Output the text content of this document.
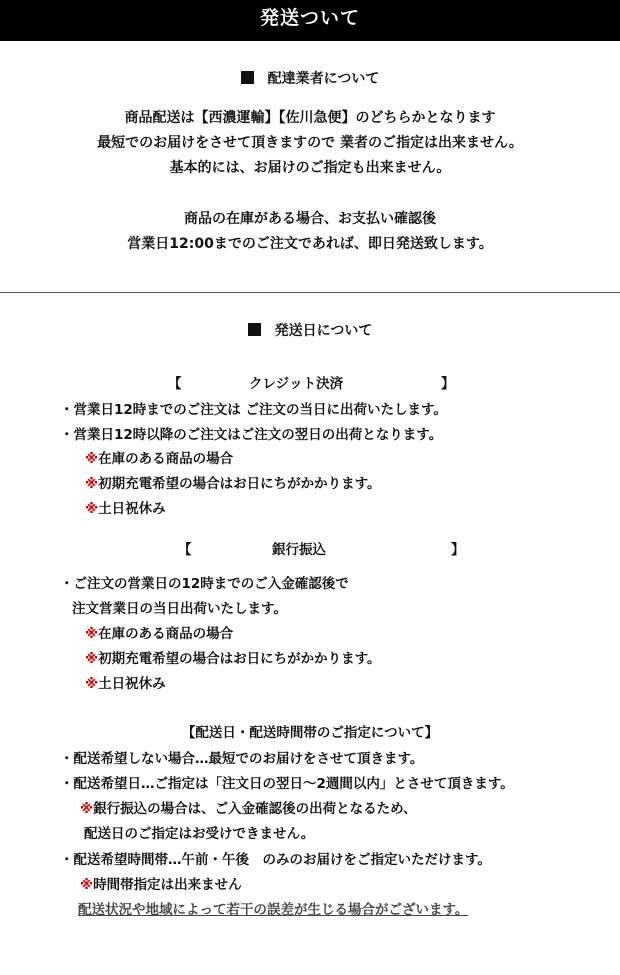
発送ついて
配達業者について
商品配送は【西濃運輸】【佐川急便】のどちらかとなります
最短でのお届けをさせて頂きますので 業者のご指定は出来ません。
基本的には、お届けのご指定も出来ません。
商品の在庫がある場合、お支払い確認後
営業日12:00までのご注文であれば、即日発送致します。
発送日について
【	クレジット決済	】
・営業日12時までのご注文は ご注文の当日に出荷いたします。
・営業日12時以降のご注文はご注文の翌日の出荷となります。
※在庫のある商品の場合
※初期充電希望の場合はお日にちがかかります。
※土日祝休み
【	銀行振込	】
・ご注文の営業日の12時までのご入金確認後で
注文営業日の当日出荷いたします。
※在庫のある商品の場合
※初期充電希望の場合はお日にちがかかります。
※土日祝休み
【配送日・配送時間帯のご指定について】
・配送希望しない場合…最短でのお届けをさせて頂きます。
・配送希望日…ご指定は「注文日の翌日～2週間以内」とさせて頂きます。
※銀行振込の場合は、ご入金確認後の出荷となるため、
配送日のご指定はお受けできません。
・配送希望時間帯…午前・午後　のみのお届けをご指定いただけます。
※時間帯指定は出来ません
配送状況や地域によって若干の誤差が生じる場合がございます。
